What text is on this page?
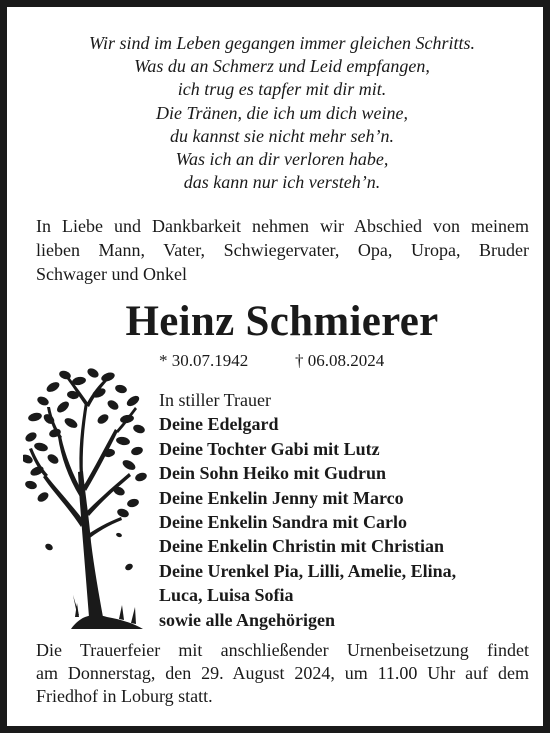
Wir sind im Leben gegangen immer gleichen Schritts.
Was du an Schmerz und Leid empfangen,
ich trug es tapfer mit dir mit.
Die Tränen, die ich um dich weine,
du kannst sie nicht mehr seh’n.
Was ich an dir verloren habe,
das kann nur ich versteh’n.
In Liebe und Dankbarkeit nehmen wir Abschied von meinem
lieben Mann, Vater, Schwiegervater, Opa, Uropa, Bruder
Schwager und Onkel
Heinz Schmierer
* 30.07.1942	† 06.08.2024
In stiller Trauer
Deine Edelgard
Deine Tochter Gabi mit Lutz
Dein Sohn Heiko mit Gudrun
Deine Enkelin Jenny mit Marco
Deine Enkelin Sandra mit Carlo
Deine Enkelin Christin mit Christian
Deine Urenkel Pia, Lilli, Amelie, Elina,
Luca, Luisa Sofia
sowie alle Angehörigen
Die Trauerfeier mit anschließender Urnenbeisetzung findet
am Donnerstag, den 29. August 2024, um 11.00 Uhr auf dem
Friedhof in Loburg statt.
